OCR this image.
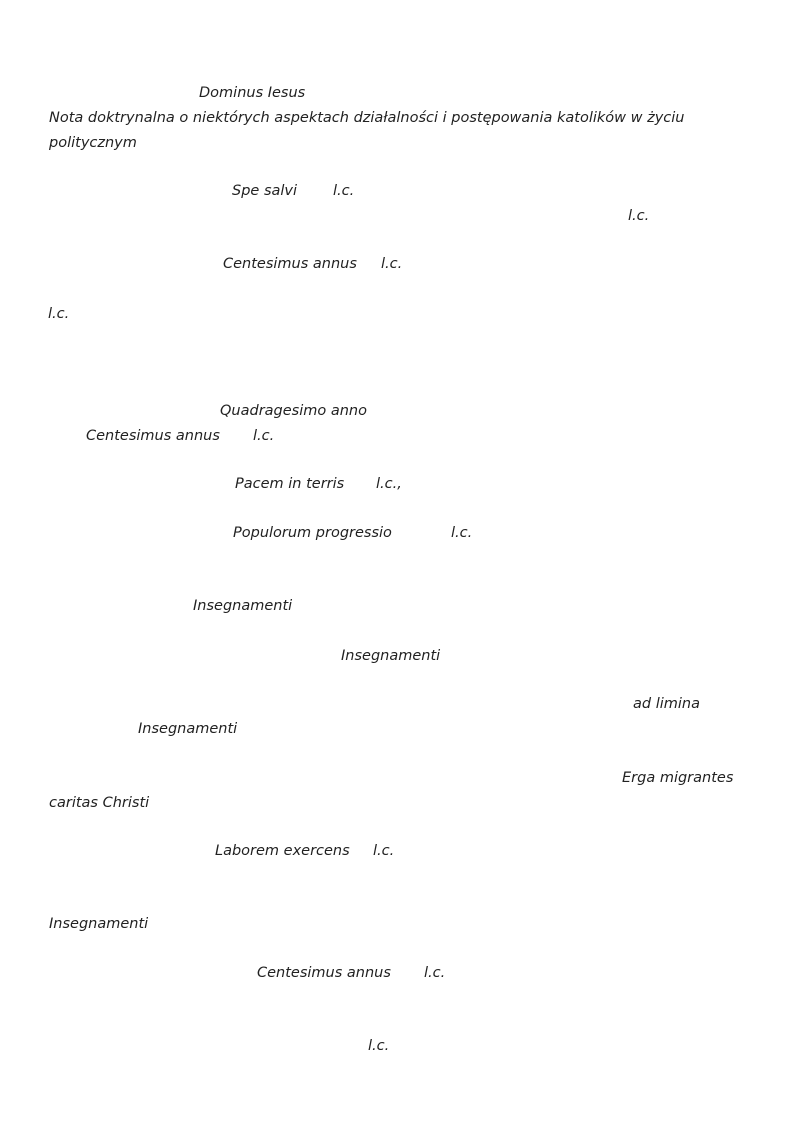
Dominus Iesus
Nota doktrynalna o niektórych aspektach działalności i postępowania katolików w życiu
politycznym
Spe salvi l.c.
l.c.
Centesimus annus l.c.
l.c.
Quadragesimo anno
Centesimus annus l.c.
Pacem in terris l.c.,
Populorum progressio	l.c.
Insegnamenti
Insegnamenti
ad limina
Insegnamenti
Erga migrantes
caritas Christi
Laborem exercens l.c.
Insegnamenti
Centesimus annus l.c.
l.c.
